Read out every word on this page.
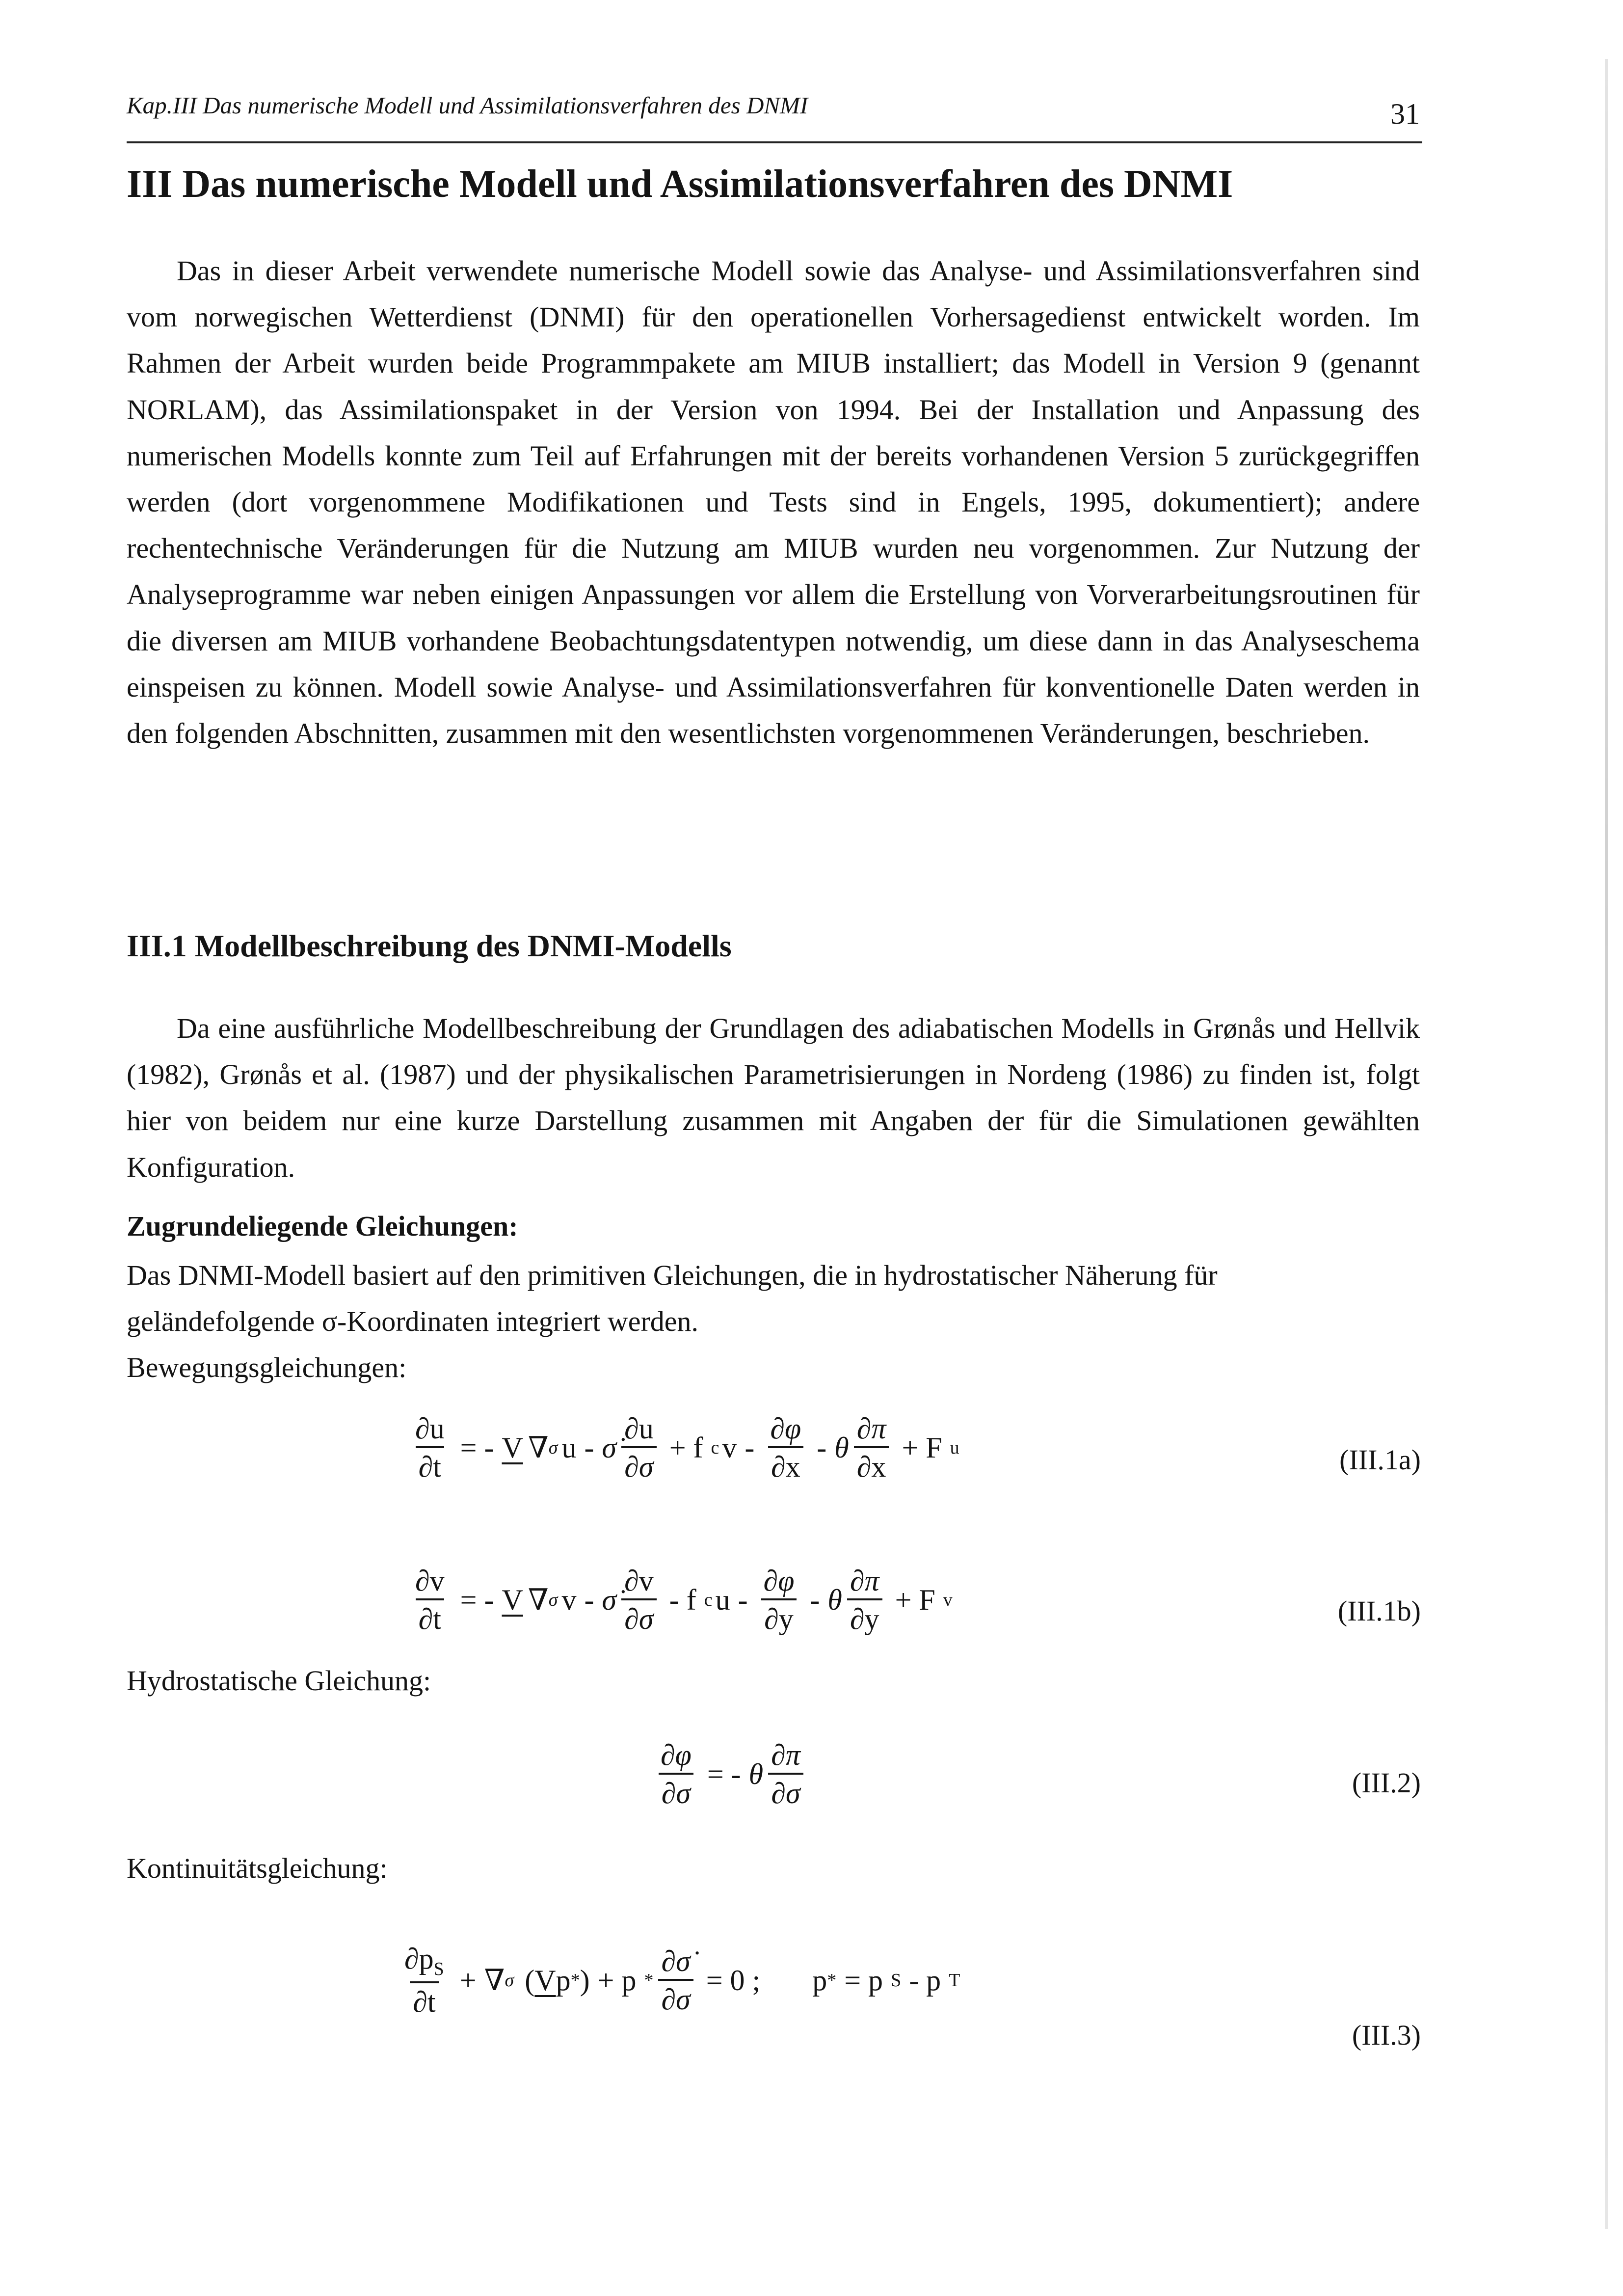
Kap.III Das numerische Modell und Assimilationsverfahren des DNMI	31
III Das numerische Modell und Assimilationsverfahren des DNMI

Das in dieser Arbeit verwendete numerische Modell sowie das Analyse- und Assimilationsverfahren sind vom norwegischen Wetterdienst (DNMI) für den operationellen Vorhersagedienst entwickelt worden. Im Rahmen der Arbeit wurden beide Programmpakete am MIUB installiert; das Modell in Version 9 (genannt NORLAM), das Assimilationspaket in der Version von 1994. Bei der Installation und Anpassung des numerischen Modells konnte zum Teil auf Erfahrungen mit der bereits vorhandenen Version 5 zurückgegriffen werden (dort vorgenommene Modifikationen und Tests sind in Engels, 1995, dokumentiert); andere rechentechnische Veränderungen für die Nutzung am MIUB wurden neu vorgenommen. Zur Nutzung der Analyseprogramme war neben einigen Anpassungen vor allem die Erstellung von Vorverarbeitungsroutinen für die diversen am MIUB vorhandene Beobachtungsdatentypen notwendig, um diese dann in das Analyseschema einspeisen zu können. Modell sowie Analyse- und Assimilationsverfahren für konventionelle Daten werden in den folgenden Abschnitten, zusammen mit den wesentlichsten vorgenommenen Veränderungen, beschrieben.

III.1 Modellbeschreibung des DNMI-Modells

Da eine ausführliche Modellbeschreibung der Grundlagen des adiabatischen Modells in Grønås und Hellvik (1982), Grønås et al. (1987) und der physikalischen Parametrisierungen in Nordeng (1986) zu finden ist, folgt hier von beidem nur eine kurze Darstellung zusammen mit Angaben der für die Simulationen gewählten Konfiguration.

Zugrundeliegende Gleichungen:
Das DNMI-Modell basiert auf den primitiven Gleichungen, die in hydrostatischer Näherung für
geländefolgende σ-Koordinaten integriert werden.
Bewegungsgleichungen:
$\frac{\partial u}{\partial t}$ = - V ∇ σ u - σ̇ $\frac{\partial u}{\partial\sigma} + f$ c $v - \frac{\partial\varphi}{\partial x} - \theta \frac{\partial\pi}{\partial x} + F$ u	(III.1a)
$\frac{\partial v}{\partial t}$ = - V ∇ σ v - σ̇ $\frac{\partial v}{\partial\sigma}$ - f c $u - \frac{\partial\varphi}{\partial y} - \theta \frac{\partial\pi}{\partial y} + F$ v	(III.1b)
Hydrostatische Gleichung:
$\frac{\partial\varphi}{\partial\sigma}$ = - θ $\frac{\partial\pi}{\partial\sigma}$	(III.2)
Kontinuitätsgleichung:
$\frac{\partial p_S}{\partial t}$ + ∇ σ ( V p * ) + $p * \frac{\partial\sigmȧ}{\partial\sigma} = 0$ ; p * = p S - p T
(III.3)
